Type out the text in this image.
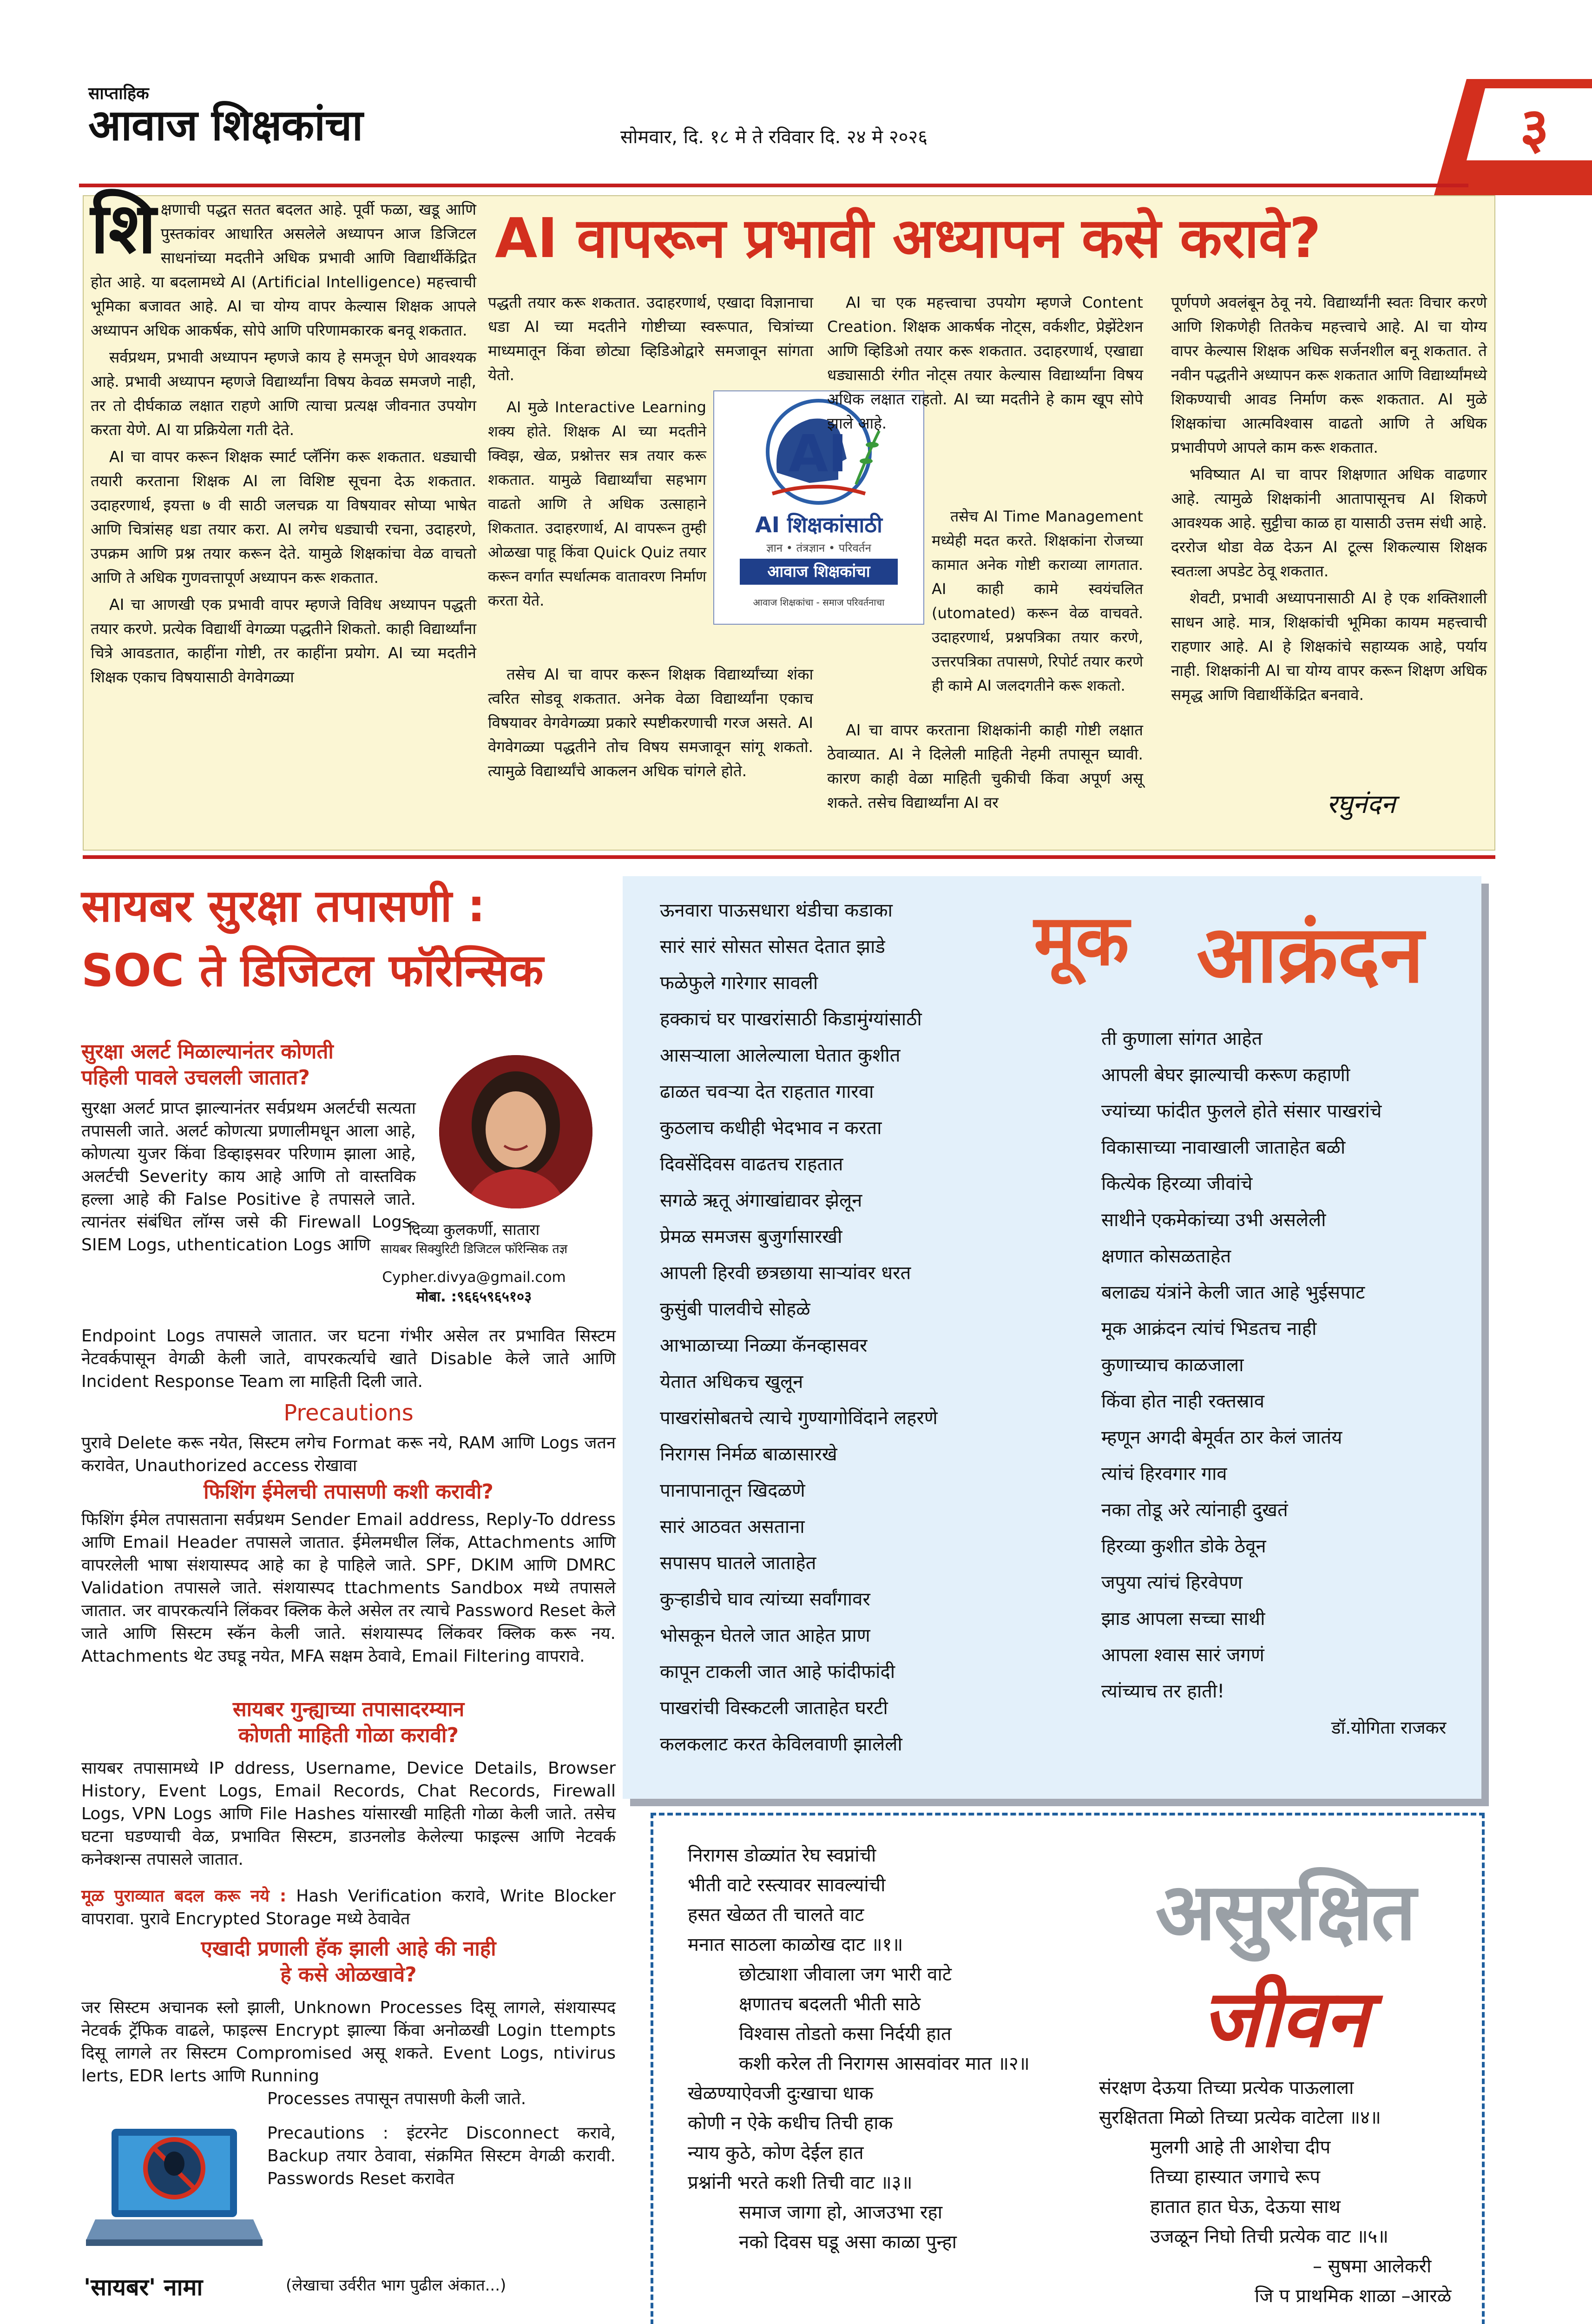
साप्ताहिक
आवाज शिक्षकांचा	सोमवार, दि. १८ मे ते रविवार दि. २४ मे २०२६	३
AI वापरून प्रभावी अध्यापन कसे करावे?

शिक्षणाची पद्धत सतत बदलत आहे. पूर्वी फळा, खडू आणि पुस्तकांवर आधारित असलेले अध्यापन आज डिजिटल साधनांच्या मदतीने अधिक प्रभावी आणि विद्यार्थीकेंद्रित होत आहे. या बदलामध्ये AI (Artificial Intelligence) महत्त्वाची भूमिका बजावत आहे. AI चा योग्य वापर केल्यास शिक्षक आपले अध्यापन अधिक आकर्षक, सोपे आणि परिणामकारक बनवू शकतात.

सर्वप्रथम, प्रभावी अध्यापन म्हणजे काय हे समजून घेणे आवश्यक आहे. प्रभावी अध्यापन म्हणजे विद्यार्थ्यांना विषय केवळ समजणे नाही, तर तो दीर्घकाळ लक्षात राहणे आणि त्याचा प्रत्यक्ष जीवनात उपयोग करता येणे. AI या प्रक्रियेला गती देते.

AI चा वापर करून शिक्षक स्मार्ट प्लॅनिंग करू शकतात. धड्याची तयारी करताना शिक्षक AI ला विशिष्ट सूचना देऊ शकतात. उदाहरणार्थ, इयत्ता ७ वी साठी जलचक्र या विषयावर सोप्या भाषेत आणि चित्रांसह धडा तयार करा. AI लगेच धड्याची रचना, उदाहरणे, उपक्रम आणि प्रश्न तयार करून देते. यामुळे शिक्षकांचा वेळ वाचतो आणि ते अधिक गुणवत्तापूर्ण अध्यापन करू शकतात.

AI चा आणखी एक प्रभावी वापर म्हणजे विविध अध्यापन पद्धती तयार करणे. प्रत्येक विद्यार्थी वेगळ्या पद्धतीने शिकतो. काही विद्यार्थ्यांना चित्रे आवडतात, काहींना गोष्टी, तर काहींना प्रयोग. AI च्या मदतीने शिक्षक एकाच विषयासाठी वेगवेगळ्या

पद्धती तयार करू शकतात. उदाहरणार्थ, एखादा विज्ञानाचा धडा AI च्या मदतीने गोष्टीच्या स्वरूपात, चित्रांच्या माध्यमातून किंवा छोट्या व्हिडिओद्वारे समजावून सांगता येतो.

AI मुळे Interactive Learning शक्य होते. शिक्षक AI च्या मदतीने क्विझ, खेळ, प्रश्नोत्तर सत्र तयार करू शकतात. यामुळे विद्यार्थ्यांचा सहभाग वाढतो आणि ते अधिक उत्साहाने शिकतात. उदाहरणार्थ, AI वापरून तुम्ही ओळखा पाहू किंवा Quick Quiz तयार करून वर्गात स्पर्धात्मक वातावरण निर्माण करता येते.

तसेच AI चा वापर करून शिक्षक विद्यार्थ्यांच्या शंका त्वरित सोडवू शकतात. अनेक वेळा विद्यार्थ्यांना एकाच विषयावर वेगवेगळ्या प्रकारे स्पष्टीकरणाची गरज असते. AI वेगवेगळ्या पद्धतीने तोच विषय समजावून सांगू शकतो. त्यामुळे विद्यार्थ्यांचे आकलन अधिक चांगले होते.

AI
AI शिक्षकांसाठी
ज्ञान • तंत्रज्ञान • परिवर्तन
आवाज शिक्षकांचा
आवाज शिक्षकांचा - समाज परिवर्तनाचा

AI चा एक महत्त्वाचा उपयोग म्हणजे Content Creation. शिक्षक आकर्षक नोट्स, वर्कशीट, प्रेझेंटेशन आणि व्हिडिओ तयार करू शकतात. उदाहरणार्थ, एखाद्या धड्यासाठी रंगीत नोट्स तयार केल्यास विद्यार्थ्यांना विषय अधिक लक्षात राहतो. AI च्या मदतीने हे काम खूप सोपे झाले आहे.

तसेच AI Time Management मध्येही मदत करते. शिक्षकांना रोजच्या कामात अनेक गोष्टी कराव्या लागतात. AI काही कामे स्वयंचलित (utomated) करून वेळ वाचवते. उदाहरणार्थ, प्रश्नपत्रिका तयार करणे, उत्तरपत्रिका तपासणे, रिपोर्ट तयार करणे ही कामे AI जलदगतीने करू शकतो.

AI चा वापर करताना शिक्षकांनी काही गोष्टी लक्षात ठेवाव्यात. AI ने दिलेली माहिती नेहमी तपासून घ्यावी. कारण काही वेळा माहिती चुकीची किंवा अपूर्ण असू शकते. तसेच विद्यार्थ्यांना AI वर

पूर्णपणे अवलंबून ठेवू नये. विद्यार्थ्यांनी स्वतः विचार करणे आणि शिकणेही तितकेच महत्त्वाचे आहे. AI चा योग्य वापर केल्यास शिक्षक अधिक सर्जनशील बनू शकतात. ते नवीन पद्धतीने अध्यापन करू शकतात आणि विद्यार्थ्यांमध्ये शिकण्याची आवड निर्माण करू शकतात. AI मुळे शिक्षकांचा आत्मविश्वास वाढतो आणि ते अधिक प्रभावीपणे आपले काम करू शकतात.

भविष्यात AI चा वापर शिक्षणात अधिक वाढणार आहे. त्यामुळे शिक्षकांनी आतापासूनच AI शिकणे आवश्यक आहे. सुट्टीचा काळ हा यासाठी उत्तम संधी आहे. दररोज थोडा वेळ देऊन AI टूल्स शिकल्यास शिक्षक स्वतःला अपडेट ठेवू शकतात.

शेवटी, प्रभावी अध्यापनासाठी AI हे एक शक्तिशाली साधन आहे. मात्र, शिक्षकांची भूमिका कायम महत्त्वाची राहणार आहे. AI हे शिक्षकांचे सहाय्यक आहे, पर्याय नाही. शिक्षकांनी AI चा योग्य वापर करून शिक्षण अधिक समृद्ध आणि विद्यार्थीकेंद्रित बनवावे.

रघुनंदन
सायबर सुरक्षा तपासणी :
SOC ते डिजिटल फॉरेन्सिक
सुरक्षा अलर्ट मिळाल्यानंतर कोणती
पहिली पावले उचलली जातात?
सुरक्षा अलर्ट प्राप्त झाल्यानंतर सर्वप्रथम अलर्टची सत्यता तपासली जाते. अलर्ट कोणत्या प्रणालीमधून आला आहे, कोणत्या युजर किंवा डिव्हाइसवर परिणाम झाला आहे, अलर्टची Severity काय आहे आणि तो वास्तविक हल्ला आहे की False Positive हे तपासले जाते. त्यानंतर संबंधित लॉग्स जसे की Firewall Logs, SIEM Logs, uthentication Logs आणि
दिव्या कुलकर्णी, सातारा
सायबर सिक्युरिटी डिजिटल फॉरेन्सिक तज्ञ
Cypher.divya@gmail.com
मोबा. :९६६५९६५१०३
Endpoint Logs तपासले जातात. जर घटना गंभीर असेल तर प्रभावित सिस्टम नेटवर्कपासून वेगळी केली जाते, वापरकर्त्याचे खाते Disable केले जाते आणि Incident Response Team ला माहिती दिली जाते.
Precautions
पुरावे Delete करू नयेत, सिस्टम लगेच Format करू नये, RAM आणि Logs जतन करावेत, Unauthorized access रोखावा
फिशिंग ईमेलची तपासणी कशी करावी?
फिशिंग ईमेल तपासताना सर्वप्रथम Sender Email address, Reply-To ddress आणि Email Header तपासले जातात. ईमेलमधील लिंक, Attachments आणि वापरलेली भाषा संशयास्पद आहे का हे पाहिले जाते. SPF, DKIM आणि DMRC Validation तपासले जाते. संशयास्पद ttachments Sandbox मध्ये तपासले जातात. जर वापरकर्त्याने लिंकवर क्लिक केले असेल तर त्याचे Password Reset केले जाते आणि सिस्टम स्कॅन केली जाते. संशयास्पद लिंकवर क्लिक करू नय. Attachments थेट उघडू नयेत, MFA सक्षम ठेवावे, Email Filtering वापरावे.
सायबर गुन्ह्याच्या तपासादरम्यान
कोणती माहिती गोळा करावी?
सायबर तपासामध्ये IP ddress, Username, Device Details, Browser History, Event Logs, Email Records, Chat Records, Firewall Logs, VPN Logs आणि File Hashes यांसारखी माहिती गोळा केली जाते. तसेच घटना घडण्याची वेळ, प्रभावित सिस्टम, डाउनलोड केलेल्या फाइल्स आणि नेटवर्क कनेक्शन्स तपासले जातात.
मूळ पुराव्यात बदल करू नये : Hash Verification करावे, Write Blocker वापरावा. पुरावे Encrypted Storage मध्ये ठेवावेत
एखादी प्रणाली हॅक झाली आहे की नाही
हे कसे ओळखावे?
जर सिस्टम अचानक स्लो झाली, Unknown Processes दिसू लागले, संशयास्पद नेटवर्क ट्रॅफिक वाढले, फाइल्स Encrypt झाल्या किंवा अनोळखी Login ttempts दिसू लागले तर सिस्टम Compromised असू शकते. Event Logs, ntivirus lerts, EDR lerts आणि Running
Processes तपासून तपासणी केली जाते.
Precautions : इंटरनेट Disconnect करावे, Backup तयार ठेवावा, संक्रमित सिस्टम वेगळी करावी. Passwords Reset करावेत
(लेखाचा उर्वरीत भाग पुढील अंकात...)
'सायबर' नामा
मूक आक्रंदन
ऊनवारा पाऊसधारा थंडीचा कडाका
सारं सारं सोसत सोसत देतात झाडे
फळेफुले गारेगार सावली
हक्काचं घर पाखरांसाठी किडामुंग्यांसाठी
आसऱ्याला आलेल्याला घेतात कुशीत
ढाळत चवऱ्या देत राहतात गारवा
कुठलाच कधीही भेदभाव न करता
दिवसेंदिवस वाढतच राहतात
सगळे ऋतू अंगाखांद्यावर झेलून
प्रेमळ समजस बुजुर्गासारखी
आपली हिरवी छत्रछाया साऱ्यांवर धरत
कुसुंबी पालवीचे सोहळे
आभाळाच्या निळ्या कॅनव्हासवर
येतात अधिकच खुलून
पाखरांसोबतचे त्याचे गुण्यागोविंदाने लहरणे
निरागस निर्मळ बाळासारखे
पानापानातून खिदळणे
सारं आठवत असताना
सपासप घातले जाताहेत
कुऱ्हाडीचे घाव त्यांच्या सर्वांगावर
भोसकून घेतले जात आहेत प्राण
कापून टाकली जात आहे फांदीफांदी
पाखरांची विस्कटली जाताहेत घरटी
कलकलाट करत केविलवाणी झालेली
ती कुणाला सांगत आहेत
आपली बेघर झाल्याची करूण कहाणी
ज्यांच्या फांदीत फुलले होते संसार पाखरांचे
विकासाच्या नावाखाली जाताहेत बळी
कित्येक हिरव्या जीवांचे
साथीने एकमेकांच्या उभी असलेली
क्षणात कोसळताहेत
बलाढ्य यंत्रांने केली जात आहे भुईसपाट
मूक आक्रंदन त्यांचं भिडतच नाही
कुणाच्याच काळजाला
किंवा होत नाही रक्तस्राव
म्हणून अगदी बेमूर्वत ठार केलं जातंय
त्यांचं हिरवगार गाव
नका तोडू अरे त्यांनाही दुखतं
हिरव्या कुशीत डोके ठेवून
जपुया त्यांचं हिरवेपण
झाड आपला सच्चा साथी
आपला श्वास सारं जगणं
त्यांच्याच तर हाती!
डॉ.योगिता राजकर
असुरक्षित
जीवन
निरागस डोळ्यांत रेघ स्वप्नांची
भीती वाटे रस्त्यावर सावल्यांची
हसत खेळत ती चालते वाट
मनात साठला काळोख दाट ॥१॥
छोट्याशा जीवाला जग भारी वाटे
क्षणातच बदलती भीती साठे
विश्वास तोडतो कसा निर्दयी हात
कशी करेल ती निरागस आसवांवर मात ॥२॥
खेळण्याऐवजी दुःखाचा धाक
कोणी न ऐके कधीच तिची हाक
न्याय कुठे, कोण देईल हात
प्रश्नांनी भरते कशी तिची वाट ॥३॥
समाज जागा हो, आजउभा रहा
नको दिवस घडू असा काळा पुन्हा
संरक्षण देऊया तिच्या प्रत्येक पाऊलाला
सुरक्षितता मिळो तिच्या प्रत्येक वाटेला ॥४॥
मुलगी आहे ती आशेचा दीप
तिच्या हास्यात जगाचे रूप
हातात हात घेऊ, देऊया साथ
उजळून निघो तिची प्रत्येक वाट ॥५॥
– सुषमा आलेकरी
जि प प्राथमिक शाळा –आरळे
